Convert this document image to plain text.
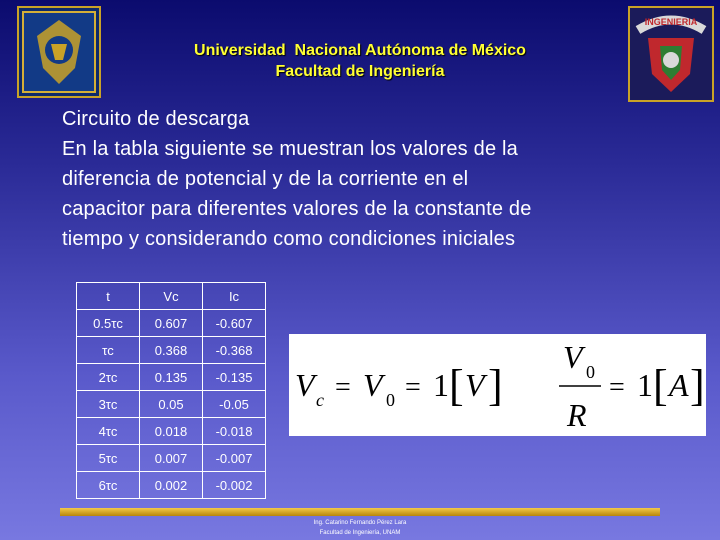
INGENIERIA
Universidad  Nacional Autónoma de México
Facultad de Ingeniería
Circuito de descarga
En la tabla siguiente se muestran los valores de la
diferencia de potencial y de la corriente en el
capacitor para diferentes valores de la constante de
tiempo y considerando como condiciones iniciales
t	Vc	Ic
0.5τc	0.607	-0.607
τc	0.368	-0.368
2τc	0.135	-0.135
3τc	0.05	-0.05
4τc	0.018	-0.018
5τc	0.007	-0.007
6τc	0.002	-0.002
V c = V 0 = 1 [ V ]
V 0
R
= 1 [ A ]
Ing. Catarino Fernando Pérez Lara
Facultad de Ingeniería, UNAM
